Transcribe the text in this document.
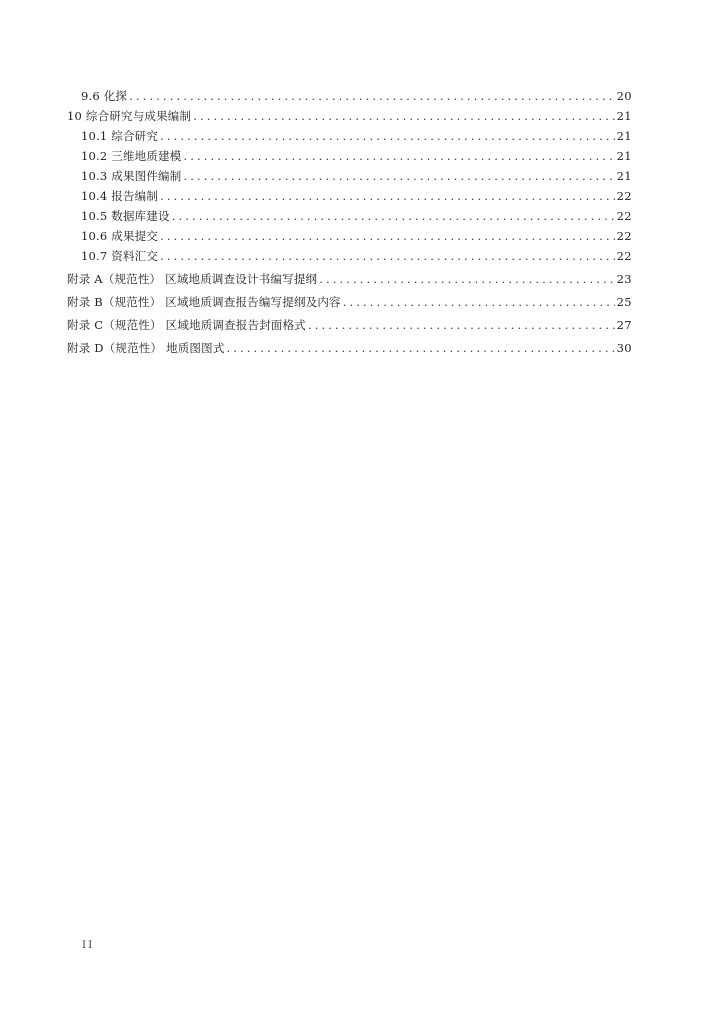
9.6 化探 .....	20
10 综合研究与成果编制 .....	21
10.1 综合研究 .....	21
10.2 三维地质建模 .....	21
10.3 成果图件编制 .....	21
10.4 报告编制 .....	22
10.5 数据库建设 .....	22
10.6 成果提交 .....	22
10.7 资料汇交 .....	22
附录 A（规范性） 区域地质调查设计书编写提纲 .....	23
附录 B（规范性） 区域地质调查报告编写提纲及内容 .....	25
附录 C（规范性） 区域地质调查报告封面格式 .....	27
附录 D（规范性） 地质图图式 .....	30
II
